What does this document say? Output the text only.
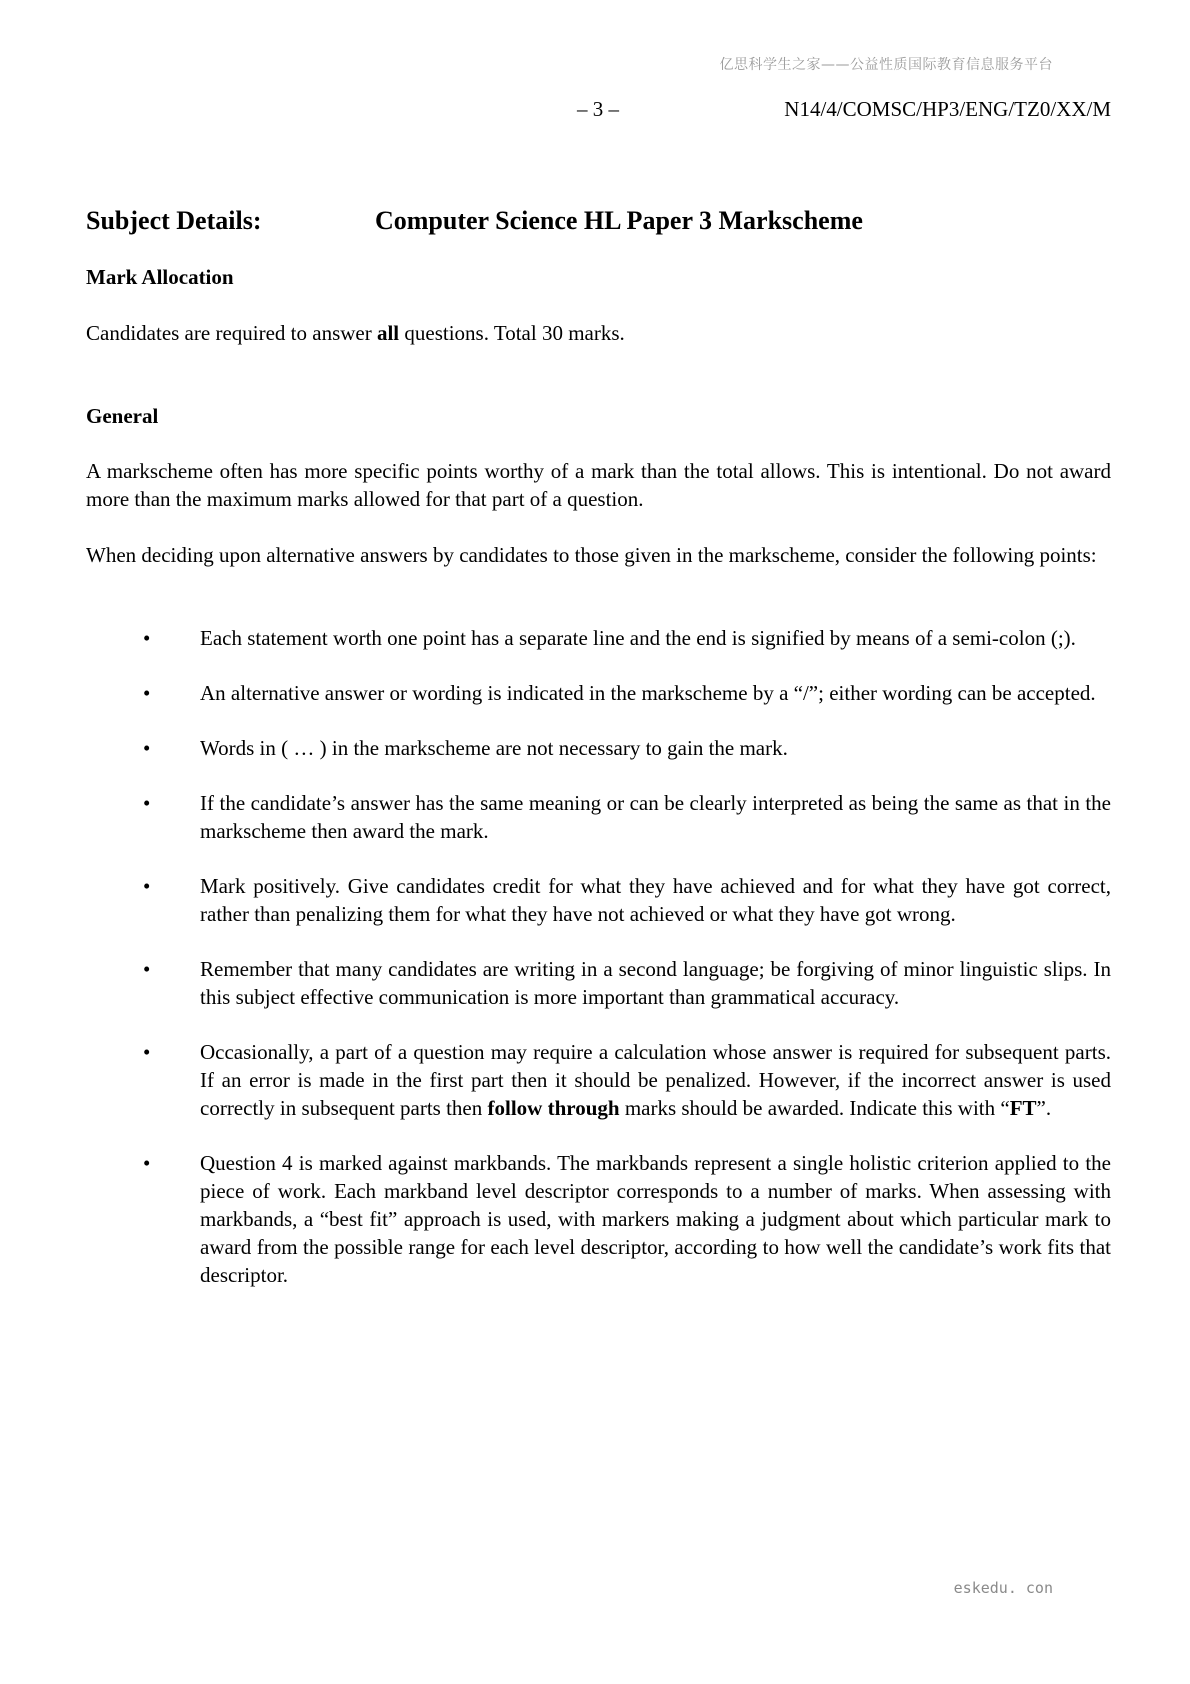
亿思科学生之家——公益性质国际教育信息服务平台
– 3 –	N14/4/COMSC/HP3/ENG/TZ0/XX/M
Subject Details:	Computer Science HL Paper 3 Markscheme
Mark Allocation
Candidates are required to answer all questions. Total 30 marks.
General
A markscheme often has more specific points worthy of a mark than the total allows. This is intentional. Do not award more than the maximum marks allowed for that part of a question.
When deciding upon alternative answers by candidates to those given in the markscheme, consider the following points:
• Each statement worth one point has a separate line and the end is signified by means of a semi-colon (;).
• An alternative answer or wording is indicated in the markscheme by a “/”; either wording can be accepted.
• Words in ( … ) in the markscheme are not necessary to gain the mark.
• If the candidate’s answer has the same meaning or can be clearly interpreted as being the same as that in the markscheme then award the mark.
• Mark positively. Give candidates credit for what they have achieved and for what they have got correct, rather than penalizing them for what they have not achieved or what they have got wrong.
• Remember that many candidates are writing in a second language; be forgiving of minor linguistic slips. In this subject effective communication is more important than grammatical accuracy.
• Occasionally, a part of a question may require a calculation whose answer is required for subsequent parts. If an error is made in the first part then it should be penalized. However, if the incorrect answer is used correctly in subsequent parts then follow through marks should be awarded. Indicate this with “FT”.
• Question 4 is marked against markbands. The markbands represent a single holistic criterion applied to the piece of work. Each markband level descriptor corresponds to a number of marks. When assessing with markbands, a “best fit” approach is used, with markers making a judgment about which particular mark to award from the possible range for each level descriptor, according to how well the candidate’s work fits that descriptor.
eskedu. con
